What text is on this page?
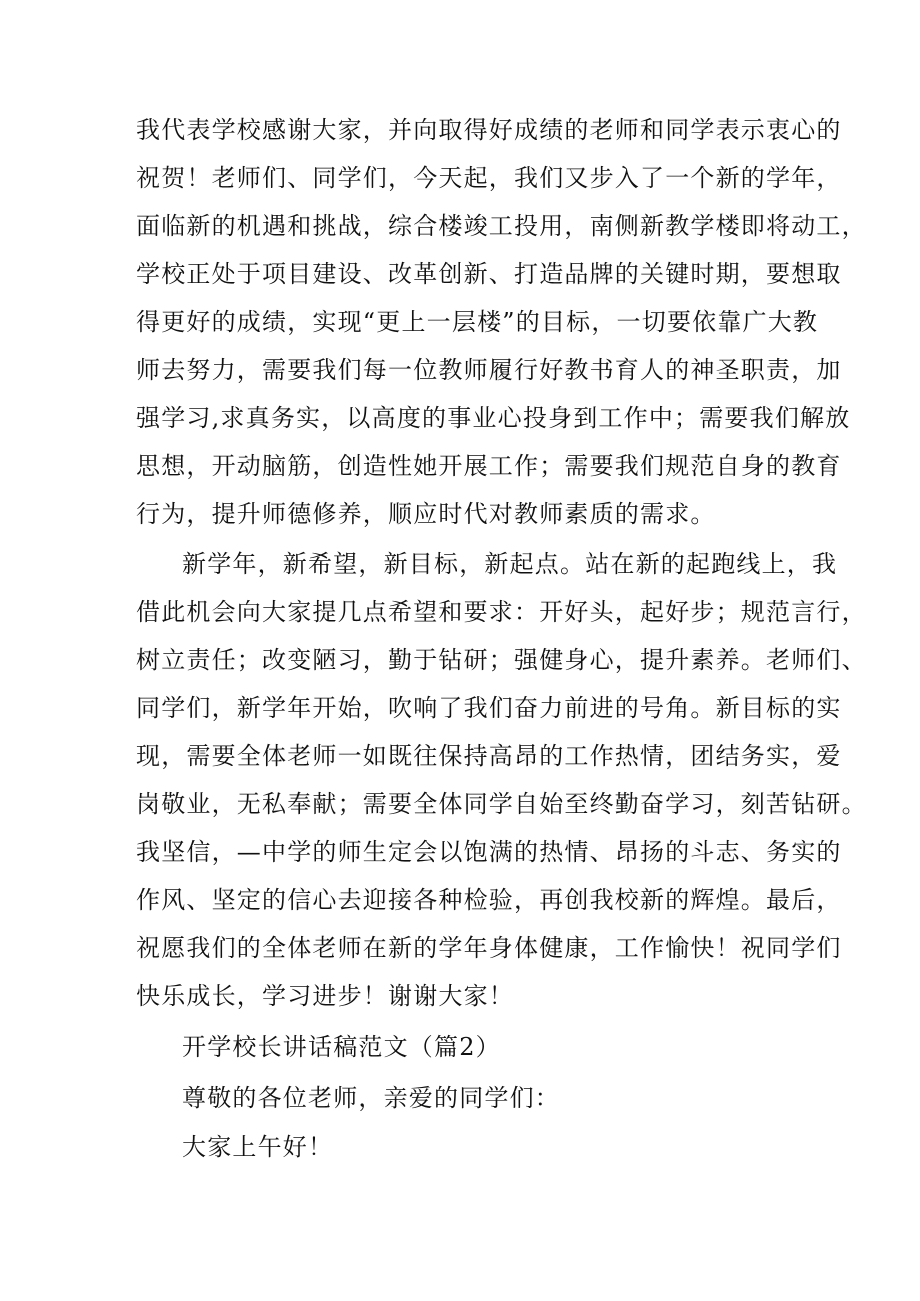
我代表学校感谢大家，并向取得好成绩的老师和同学表示衷心的
祝贺！老师们、同学们，今天起，我们又步入了一个新的学年，
面临新的机遇和挑战，综合楼竣工投用，南侧新教学楼即将动工，
学校正处于项目建设、改革创新、打造品牌的关键时期，要想取
得更好的成绩，实现“更上一层楼”的目标，一切要依靠广大教
师去努力，需要我们每一位教师履行好教书育人的神圣职责，加
强学习,求真务实，以高度的事业心投身到工作中；需要我们解放
思想，开动脑筋，创造性她开展工作；需要我们规范自身的教育
行为，提升师德修养，顺应时代对教师素质的需求。
新学年，新希望，新目标，新起点。站在新的起跑线上，我
借此机会向大家提几点希望和要求：开好头，起好步；规范言行，
树立责任；改变陋习，勤于钻研；强健身心，提升素养。老师们、
同学们，新学年开始，吹响了我们奋力前进的号角。新目标的实
现，需要全体老师一如既往保持高昂的工作热情，团结务实，爱
岗敬业，无私奉献；需要全体同学自始至终勤奋学习，刻苦钻研。
我坚信，—中学的师生定会以饱满的热情、昂扬的斗志、务实的
作风、坚定的信心去迎接各种检验，再创我校新的辉煌。最后，
祝愿我们的全体老师在新的学年身体健康，工作愉快！祝同学们
快乐成长，学习进步！谢谢大家！
开学校长讲话稿范文（篇2）
尊敬的各位老师，亲爱的同学们：
大家上午好！
